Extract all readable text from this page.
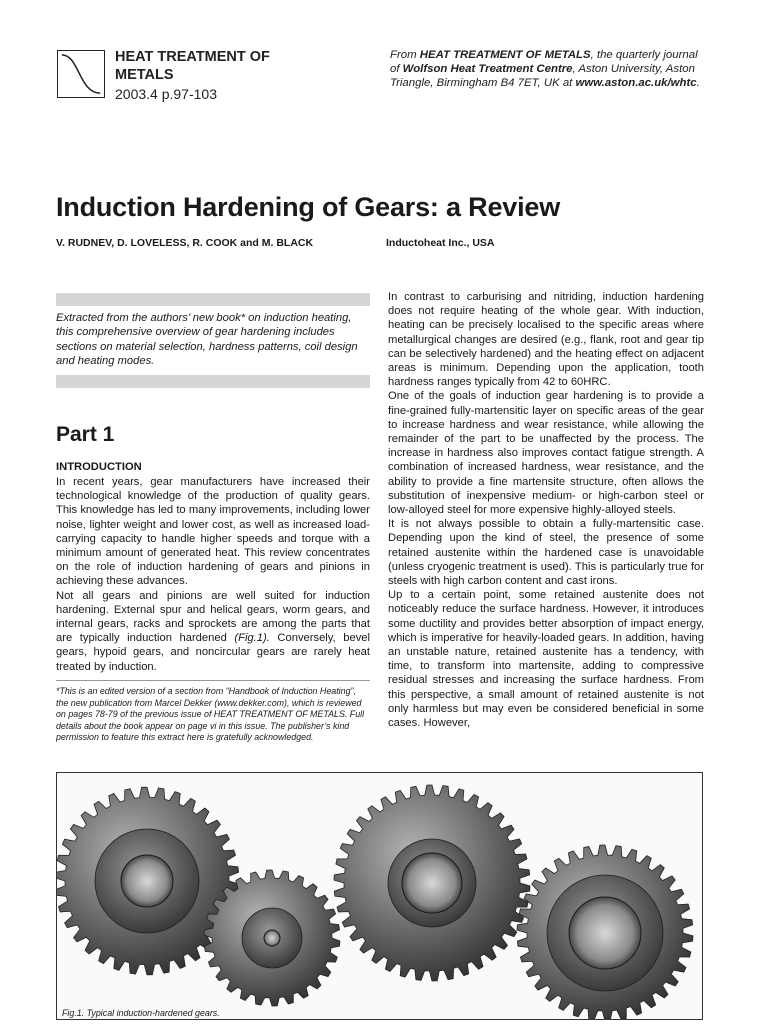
HEAT TREATMENT OF METALS
2003.4 p.97-103
From HEAT TREATMENT OF METALS, the quarterly journal of Wolfson Heat Treatment Centre, Aston University, Aston Triangle, Birmingham B4 7ET, UK at www.aston.ac.uk/whtc.
Induction Hardening of Gears: a Review
V. RUDNEV, D. LOVELESS, R. COOK and M. BLACK	Inductoheat Inc., USA
Extracted from the authors’ new book* on induction heating, this comprehensive overview of gear hardening includes sections on material selection, hardness patterns, coil design and heating modes.
Part 1
INTRODUCTION

In recent years, gear manufacturers have increased their technological knowledge of the production of quality gears. This knowledge has led to many improvements, including lower noise, lighter weight and lower cost, as well as increased load-carrying capacity to handle higher speeds and torque with a minimum amount of generated heat. This review concentrates on the role of induction hardening of gears and pinions in achieving these advances.

Not all gears and pinions are well suited for induction hardening. External spur and helical gears, worm gears, and internal gears, racks and sprockets are among the parts that are typically induction hardened (Fig.1). Conversely, bevel gears, hypoid gears, and noncircular gears are rarely heat treated by induction.

*This is an edited version of a section from “Handbook of Induction Heating”, the new publication from Marcel Dekker (www.dekker.com), which is reviewed on pages 78-79 of the previous issue of HEAT TREATMENT OF METALS. Full details about the book appear on page vi in this issue. The publisher’s kind permission to feature this extract here is gratefully acknowledged.

In contrast to carburising and nitriding, induction hardening does not require heating of the whole gear. With induction, heating can be precisely localised to the specific areas where metallurgical changes are desired (e.g., flank, root and gear tip can be selectively hardened) and the heating effect on adjacent areas is minimum. Depending upon the application, tooth hardness ranges typically from 42 to 60HRC.

One of the goals of induction gear hardening is to provide a fine-grained fully-martensitic layer on specific areas of the gear to increase hardness and wear resistance, while allowing the remainder of the part to be unaffected by the process. The increase in hardness also improves contact fatigue strength. A combination of increased hardness, wear resistance, and the ability to provide a fine martensite structure, often allows the substitution of inexpensive medium- or high-carbon steel or low-alloyed steel for more expensive highly-alloyed steels.

It is not always possible to obtain a fully-martensitic case. Depending upon the kind of steel, the presence of some retained austenite within the hardened case is unavoidable (unless cryogenic treatment is used). This is particularly true for steels with high carbon content and cast irons.

Up to a certain point, some retained austenite does not noticeably reduce the surface hardness. However, it introduces some ductility and provides better absorption of impact energy, which is imperative for heavily-loaded gears. In addition, having an unstable nature, retained austenite has a tendency, with time, to transform into martensite, adding to compressive residual stresses and increasing the surface hardness. From this perspective, a small amount of retained austenite is not only harmless but may even be considered beneficial in some cases. However,

Fig.1. Typical induction-hardened gears.
